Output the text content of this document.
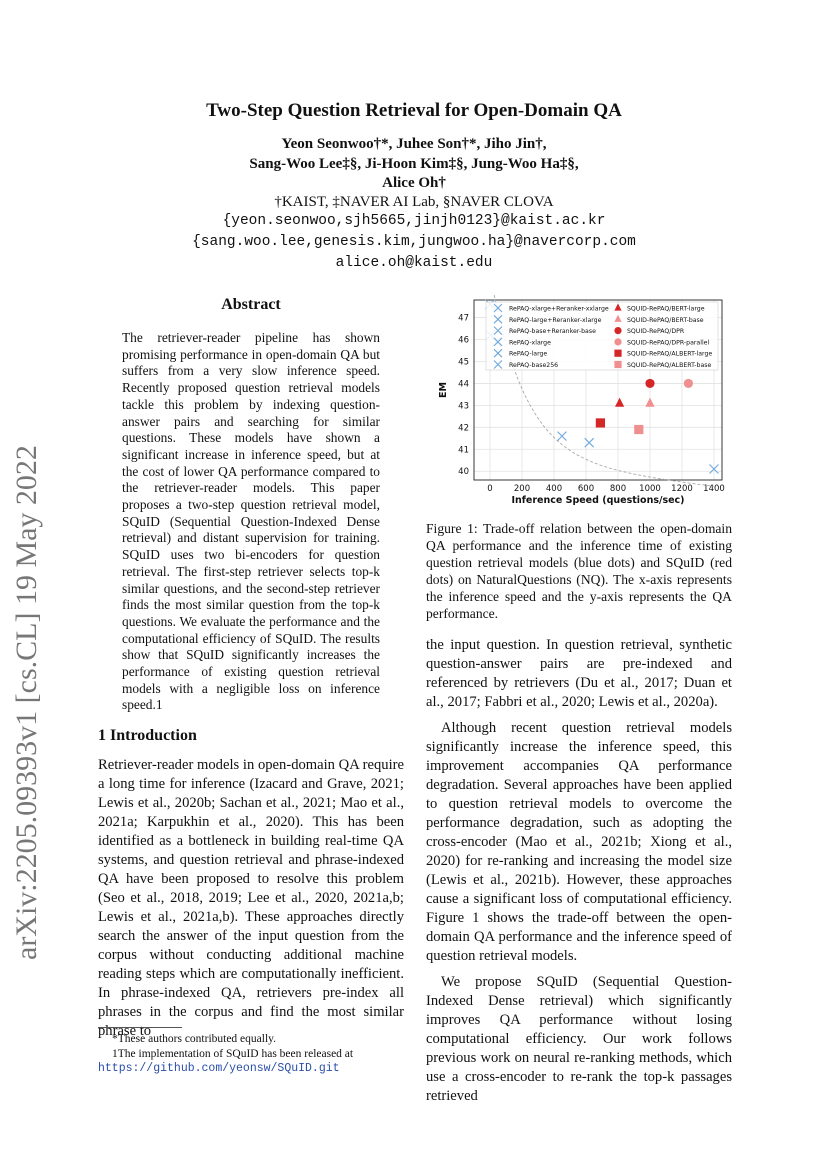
arXiv:2205.09393v1 [cs.CL] 19 May 2022
Two-Step Question Retrieval for Open-Domain QA
Yeon Seonwoo†*, Juhee Son†*, Jiho Jin†,
Sang-Woo Lee‡§, Ji-Hoon Kim‡§, Jung-Woo Ha‡§,
Alice Oh†
†KAIST, ‡NAVER AI Lab, §NAVER CLOVA
{yeon.seonwoo,sjh5665,jinjh0123}@kaist.ac.kr
{sang.woo.lee,genesis.kim,jungwoo.ha}@navercorp.com
alice.oh@kaist.edu
Abstract
The retriever-reader pipeline has shown promising performance in open-domain QA but suffers from a very slow inference speed. Recently proposed question retrieval models tackle this problem by indexing question-answer pairs and searching for similar questions. These models have shown a significant increase in inference speed, but at the cost of lower QA performance compared to the retriever-reader models. This paper proposes a two-step question retrieval model, SQuID (Sequential Question-Indexed Dense retrieval) and distant supervision for training. SQuID uses two bi-encoders for question retrieval. The first-step retriever selects top-k similar questions, and the second-step retriever finds the most similar question from the top-k questions. We evaluate the performance and the computational efficiency of SQuID. The results show that SQuID significantly increases the performance of existing question retrieval models with a negligible loss on inference speed.1
1 Introduction

Retriever-reader models in open-domain QA require a long time for inference (Izacard and Grave, 2021; Lewis et al., 2020b; Sachan et al., 2021; Mao et al., 2021a; Karpukhin et al., 2020). This has been identified as a bottleneck in building real-time QA systems, and question retrieval and phrase-indexed QA have been proposed to resolve this problem (Seo et al., 2018, 2019; Lee et al., 2020, 2021a,b; Lewis et al., 2021a,b). These approaches directly search the answer of the input question from the corpus without conducting additional machine reading steps which are computationally inefficient. In phrase-indexed QA, retrievers pre-index all phrases in the corpus and find the most similar phrase to

0 200 400 600 800 1000 1200 1400
40
41
42
43
44
45
46
47
Inference Speed (questions/sec)
EM
RePAQ-xlarge+Reranker-xxlarge
RePAQ-large+Reranker-xlarge
RePAQ-base+Reranker-base
RePAQ-xlarge
RePAQ-large
RePAQ-base256
SQUID-RePAQ/BERT-large
SQUID-RePAQ/BERT-base
SQUID-RePAQ/DPR
SQUID-RePAQ/DPR-parallel
SQUID-RePAQ/ALBERT-large
SQUID-RePAQ/ALBERT-base
Figure 1: Trade-off relation between the open-domain QA performance and the inference time of existing question retrieval models (blue dots) and SQuID (red dots) on NaturalQuestions (NQ). The x-axis represents the inference speed and the y-axis represents the QA performance.

the input question. In question retrieval, synthetic question-answer pairs are pre-indexed and referenced by retrievers (Du et al., 2017; Duan et al., 2017; Fabbri et al., 2020; Lewis et al., 2020a).

Although recent question retrieval models significantly increase the inference speed, this improvement accompanies QA performance degradation. Several approaches have been applied to question retrieval models to overcome the performance degradation, such as adopting the cross-encoder (Mao et al., 2021b; Xiong et al., 2020) for re-ranking and increasing the model size (Lewis et al., 2021b). However, these approaches cause a significant loss of computational efficiency. Figure 1 shows the trade-off between the open-domain QA performance and the inference speed of question retrieval models.

We propose SQuID (Sequential Question-Indexed Dense retrieval) which significantly improves QA performance without losing computational efficiency. Our work follows previous work on neural re-ranking methods, which use a cross-encoder to re-rank the top-k passages retrieved

*These authors contributed equally.
1The implementation of SQuID has been released at
https://github.com/yeonsw/SQuID.git
